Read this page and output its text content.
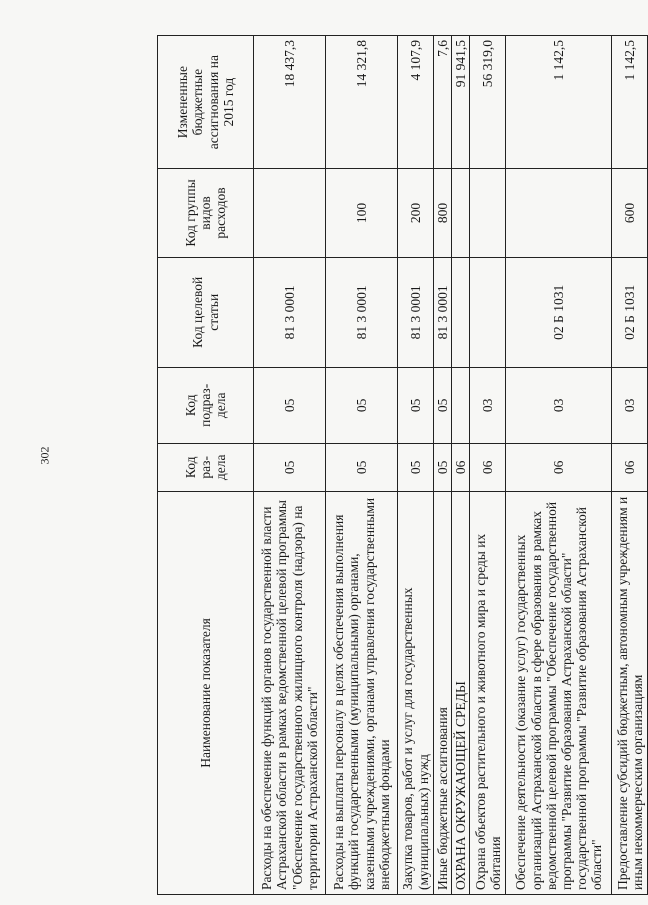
302
Наименование показателя	Код раз-дела	Код подраз-дела	Код целевой статьи	Код группы видов расходов	Измененные бюджетные ассигнования на 2015 год
Расходы на обеспечение функций органов государственной власти Астраханской области в рамках ведомственной целевой программы "Обеспечение государственного жилищного контроля (надзора) на территории Астраханской области"	05	05	81 3 0001		18 437,3
Расходы на выплаты персоналу в целях обеспечения выполнения функций государственными (муниципальными) органами, казенными учреждениями, органами управления государственными внебюджетными фондами	05	05	81 3 0001	100	14 321,8
Закупка товаров, работ и услуг для государственных (муниципальных) нужд	05	05	81 3 0001	200	4 107,9
Иные бюджетные ассигнования	05	05	81 3 0001	800	7,6
ОХРАНА ОКРУЖАЮЩЕЙ СРЕДЫ	06				91 941,5
Охрана объектов растительного и животного мира и среды их обитания	06	03			56 319,0
Обеспечение деятельности (оказание услуг) государственных организаций Астраханской области в сфере образования в рамках ведомственной целевой программы "Обеспечение государственной программы "Развитие образования Астраханской области" государственной программы "Развитие образования Астраханской области"	06	03	02 Б 1031		1 142,5
Предоставление субсидий бюджетным, автономным учреждениям и иным некоммерческим организациям	06	03	02 Б 1031	600	1 142,5
